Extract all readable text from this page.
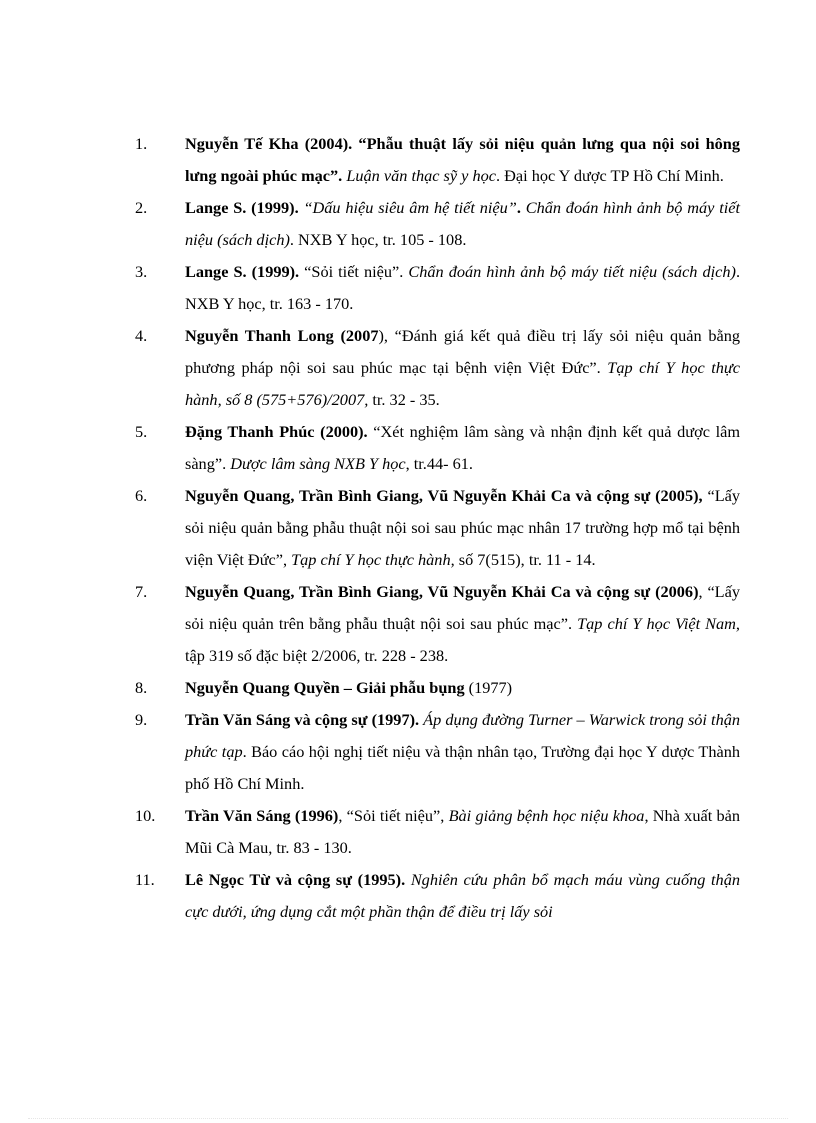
1.	Nguyễn Tế Kha (2004). “Phẫu thuật lấy sỏi niệu quản lưng qua nội soi hông lưng ngoài phúc mạc”. Luận văn thạc sỹ y học. Đại học Y dược TP Hồ Chí Minh.
2.	Lange S. (1999). “Dấu hiệu siêu âm hệ tiết niệu”. Chẩn đoán hình ảnh bộ máy tiết niệu (sách dịch). NXB Y học, tr. 105 - 108.
3.	Lange S. (1999). “Sỏi tiết niệu”. Chẩn đoán hình ảnh bộ máy tiết niệu (sách dịch). NXB Y học, tr. 163 - 170.
4.	Nguyễn Thanh Long (2007), “Đánh giá kết quả điều trị lấy sỏi niệu quản bằng phương pháp nội soi sau phúc mạc tại bệnh viện Việt Đức”. Tạp chí Y học thực hành, số 8 (575+576)/2007, tr. 32 - 35.
5.	Đặng Thanh Phúc (2000). “Xét nghiệm lâm sàng và nhận định kết quả dược lâm sàng”. Dược lâm sàng NXB Y học, tr.44- 61.
6.	Nguyễn Quang, Trần Bình Giang, Vũ Nguyễn Khải Ca và cộng sự (2005), “Lấy sỏi niệu quản bằng phẫu thuật nội soi sau phúc mạc nhân 17 trường hợp mổ tại bệnh viện Việt Đức”, Tạp chí Y học thực hành, số 7(515), tr. 11 - 14.
7.	Nguyễn Quang, Trần Bình Giang, Vũ Nguyễn Khải Ca và cộng sự (2006), “Lấy sỏi niệu quản trên bằng phẫu thuật nội soi sau phúc mạc”. Tạp chí Y học Việt Nam, tập 319 số đặc biệt 2/2006, tr. 228 - 238.
8.	Nguyễn Quang Quyền – Giải phẫu bụng (1977)
9.	Trần Văn Sáng và cộng sự (1997). Áp dụng đường Turner – Warwick trong sỏi thận phức tạp. Báo cáo hội nghị tiết niệu và thận nhân tạo, Trường đại học Y dược Thành phố Hồ Chí Minh.
10.	Trần Văn Sáng (1996), “Sỏi tiết niệu”, Bài giảng bệnh học niệu khoa, Nhà xuất bản Mũi Cà Mau, tr. 83 - 130.
11.	Lê Ngọc Từ và cộng sự (1995). Nghiên cứu phân bổ mạch máu vùng cuống thận cực dưới, ứng dụng cắt một phần thận để điều trị lấy sỏi
